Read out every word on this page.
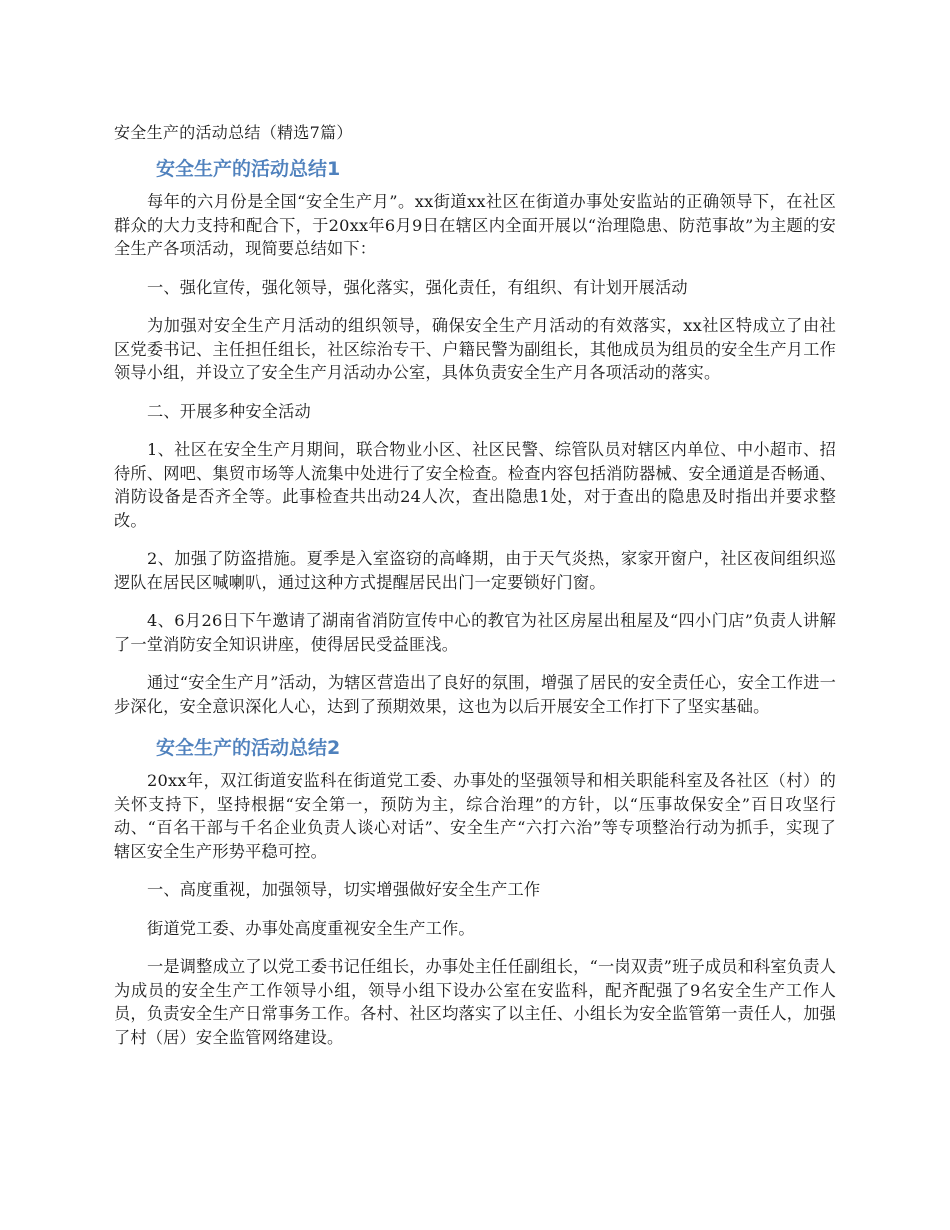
安全生产的活动总结（精选7篇）
安全生产的活动总结1

每年的六月份是全国“安全生产月”。xx街道xx社区在街道办事处安监站的正确领导下，在社区群众的大力支持和配合下，于20xx年6月9日在辖区内全面开展以“治理隐患、防范事故”为主题的安全生产各项活动，现简要总结如下：

一、强化宣传，强化领导，强化落实，强化责任，有组织、有计划开展活动

为加强对安全生产月活动的组织领导，确保安全生产月活动的有效落实，xx社区特成立了由社区党委书记、主任担任组长，社区综治专干、户籍民警为副组长，其他成员为组员的安全生产月工作领导小组，并设立了安全生产月活动办公室，具体负责安全生产月各项活动的落实。

二、开展多种安全活动

1、社区在安全生产月期间，联合物业小区、社区民警、综管队员对辖区内单位、中小超市、招待所、网吧、集贸市场等人流集中处进行了安全检查。检查内容包括消防器械、安全通道是否畅通、消防设备是否齐全等。此事检查共出动24人次，查出隐患1处，对于查出的隐患及时指出并要求整改。

2、加强了防盗措施。夏季是入室盗窃的高峰期，由于天气炎热，家家开窗户，社区夜间组织巡逻队在居民区喊喇叭，通过这种方式提醒居民出门一定要锁好门窗。

4、6月26日下午邀请了湖南省消防宣传中心的教官为社区房屋出租屋及“四小门店”负责人讲解了一堂消防安全知识讲座，使得居民受益匪浅。

通过“安全生产月”活动，为辖区营造出了良好的氛围，增强了居民的安全责任心，安全工作进一步深化，安全意识深化人心，达到了预期效果，这也为以后开展安全工作打下了坚实基础。

安全生产的活动总结2

20xx年，双江街道安监科在街道党工委、办事处的坚强领导和相关职能科室及各社区（村）的关怀支持下，坚持根据“安全第一，预防为主，综合治理”的方针，以“压事故保安全”百日攻坚行动、“百名干部与千名企业负责人谈心对话”、安全生产“六打六治”等专项整治行动为抓手，实现了辖区安全生产形势平稳可控。

一、高度重视，加强领导，切实增强做好安全生产工作

街道党工委、办事处高度重视安全生产工作。

一是调整成立了以党工委书记任组长，办事处主任任副组长，“一岗双责”班子成员和科室负责人为成员的安全生产工作领导小组，领导小组下设办公室在安监科，配齐配强了9名安全生产工作人员，负责安全生产日常事务工作。各村、社区均落实了以主任、小组长为安全监管第一责任人，加强了村（居）安全监管网络建设。
